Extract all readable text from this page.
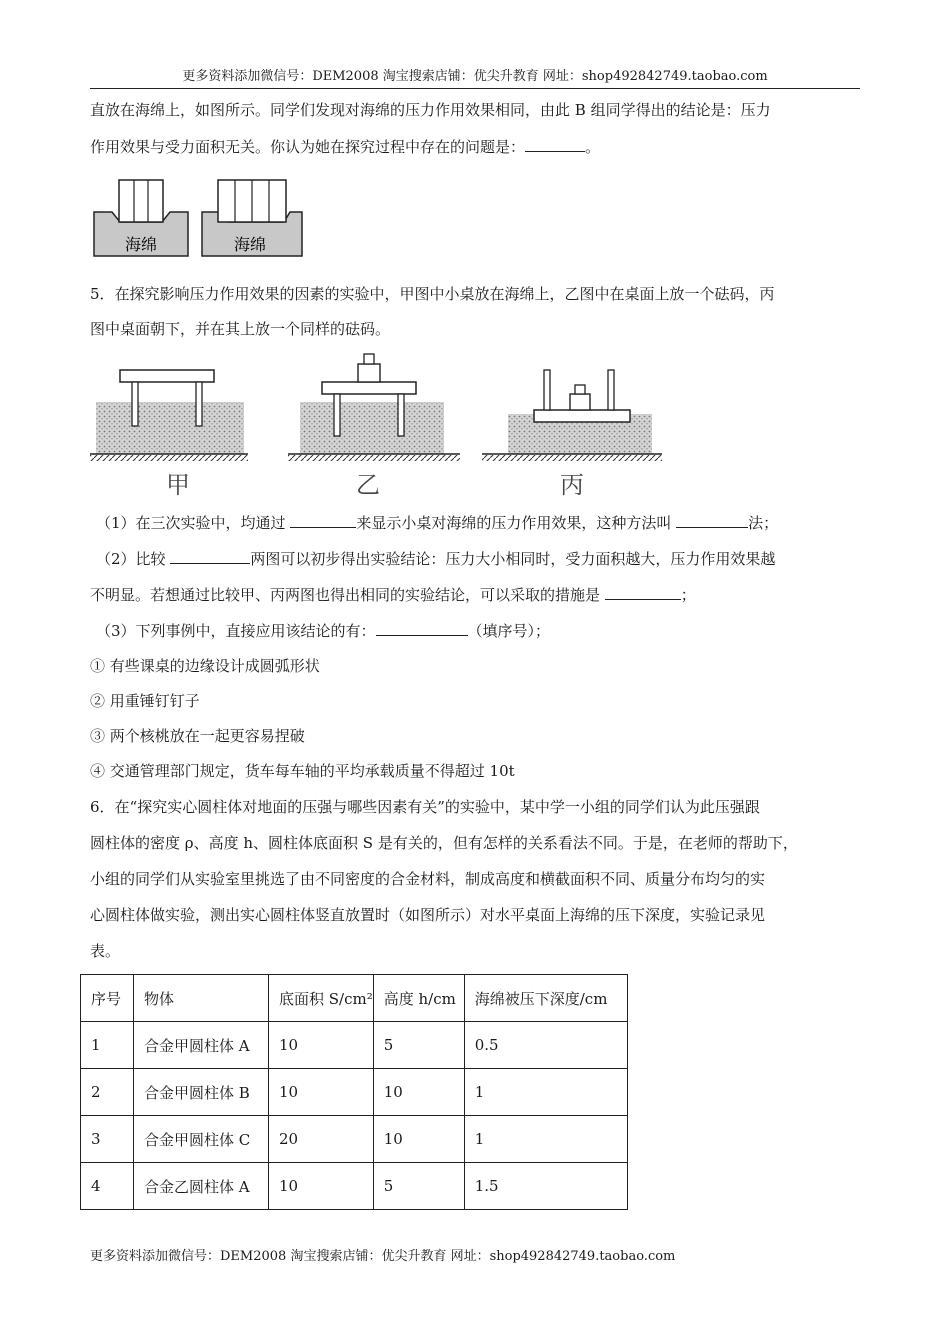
更多资料添加微信号：DEM2008 淘宝搜索店铺：优尖升教育 网址：shop492842749.taobao.com
直放在海绵上，如图所示。同学们发现对海绵的压力作用效果相同，由此 B 组同学得出的结论是：压力
作用效果与受力面积无关。你认为她在探究过程中存在的问题是：	。
海绵	海绵
5．在探究影响压力作用效果的因素的实验中，甲图中小桌放在海绵上，乙图中在桌面上放一个砝码，丙
图中桌面朝下，并在其上放一个同样的砝码。
甲	乙	丙
（1）在三次实验中，均通过	来显示小桌对海绵的压力作用效果，这种方法叫	法；
（2）比较	两图可以初步得出实验结论：压力大小相同时，受力面积越大，压力作用效果越
不明显。若想通过比较甲、丙两图也得出相同的实验结论，可以采取的措施是	；
（3）下列事例中，直接应用该结论的有：	（填序号）；
① 有些课桌的边缘设计成圆弧形状
② 用重锤钉钉子
③ 两个核桃放在一起更容易捏破
④ 交通管理部门规定，货车每车轴的平均承载质量不得超过 10t
6．在“探究实心圆柱体对地面的压强与哪些因素有关”的实验中，某中学一小组的同学们认为此压强跟
圆柱体的密度 ρ、高度 h、圆柱体底面积 S 是有关的，但有怎样的关系看法不同。于是，在老师的帮助下，
小组的同学们从实验室里挑选了由不同密度的合金材料，制成高度和横截面积不同、质量分布均匀的实
心圆柱体做实验，测出实心圆柱体竖直放置时（如图所示）对水平桌面上海绵的压下深度，实验记录见
表。
序号	物体	底面积 S/cm²	高度 h/cm	海绵被压下深度/cm
1	合金甲圆柱体 A	10	5	0.5
2	合金甲圆柱体 B	10	10	1
3	合金甲圆柱体 C	20	10	1
4	合金乙圆柱体 A	10	5	1.5
更多资料添加微信号：DEM2008 淘宝搜索店铺：优尖升教育 网址：shop492842749.taobao.com
